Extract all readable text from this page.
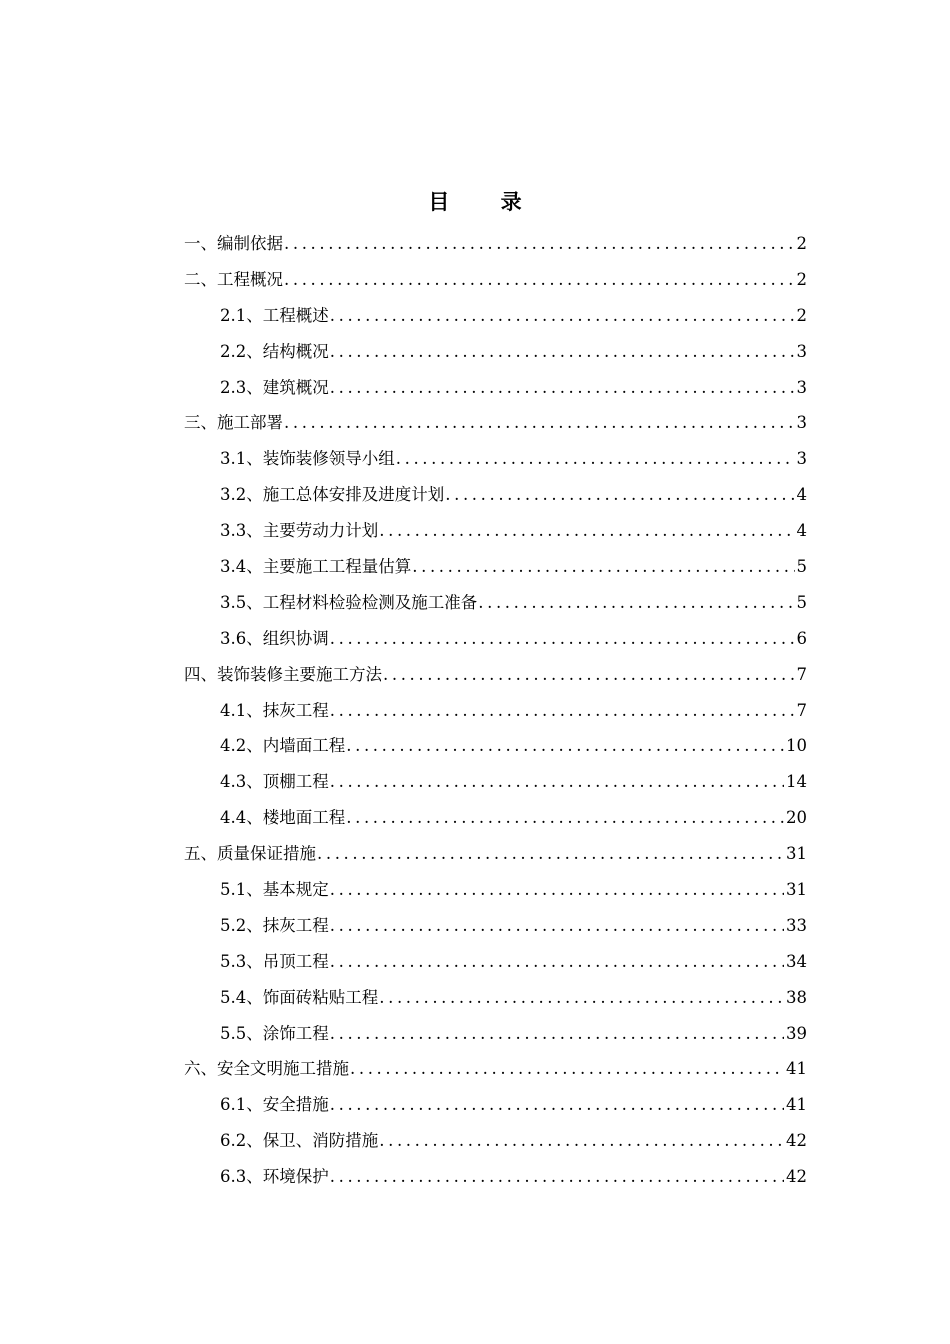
目 录
一、编制依据 .....	2
二、工程概况 .....	2
2.1、工程概述 .....	2
2.2、结构概况 .....	3
2.3、建筑概况 .....	3
三、施工部署 .....	3
3.1、装饰装修领导小组 .....	3
3.2、施工总体安排及进度计划 .....	4
3.3、主要劳动力计划 .....	4
3.4、主要施工工程量估算 .....	5
3.5、工程材料检验检测及施工准备 .....	5
3.6、组织协调 .....	6
四、装饰装修主要施工方法 .....	7
4.1、抹灰工程 .....	7
4.2、内墙面工程 .....	10
4.3、顶棚工程 .....	14
4.4、楼地面工程 .....	20
五、质量保证措施 .....	31
5.1、基本规定 .....	31
5.2、抹灰工程 .....	33
5.3、吊顶工程 .....	34
5.4、饰面砖粘贴工程 .....	38
5.5、涂饰工程 .....	39
六、安全文明施工措施 .....	41
6.1、安全措施 .....	41
6.2、保卫、消防措施 .....	42
6.3、环境保护 .....	42
